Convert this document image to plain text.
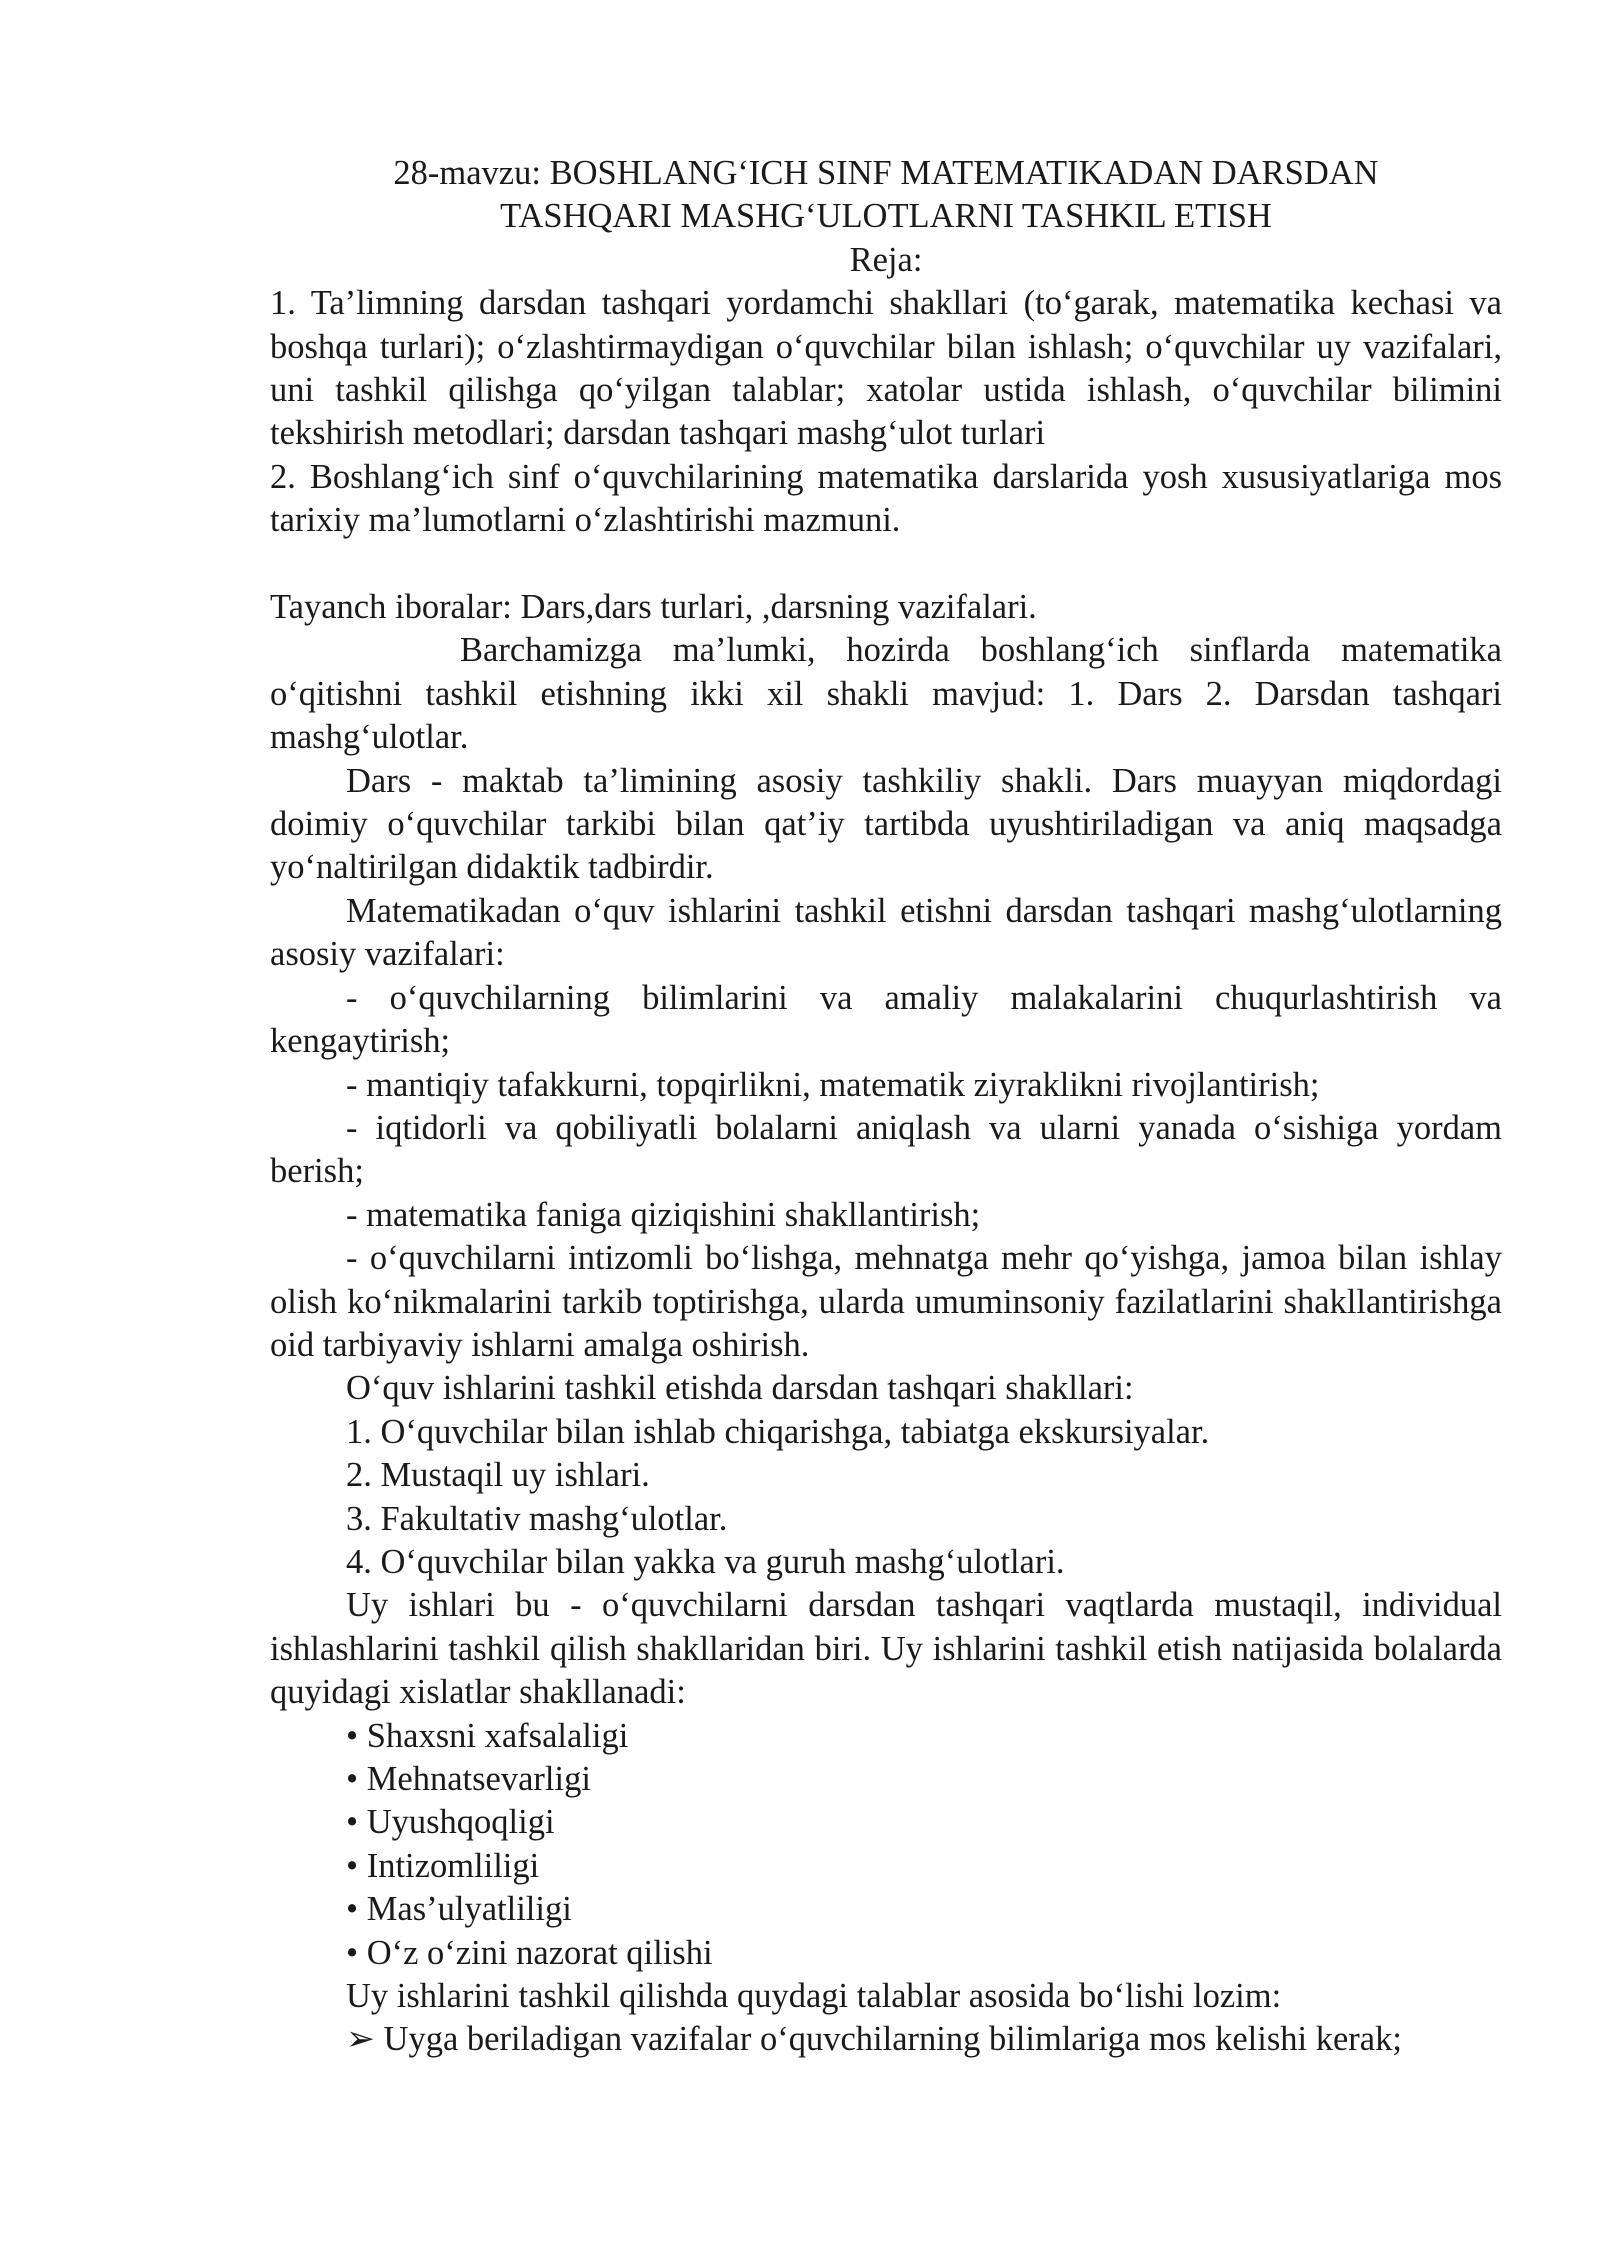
28-mavzu: BOSHLANG‘ICH SINF MATEMATIKADAN DARSDAN

TASHQARI MASHG‘ULOTLARNI TASHKIL ETISH

Reja:

1. Ta’limning darsdan tashqari yordamchi shakllari (to‘garak, matematika kechasi va boshqa turlari); o‘zlashtirmaydigan o‘quvchilar bilan ishlash; o‘quvchilar uy vazifalari, uni tashkil qilishga qo‘yilgan talablar; xatolar ustida ishlash, o‘quvchilar bilimini tekshirish metodlari; darsdan tashqari mashg‘ulot turlari

2. Boshlang‘ich sinf o‘quvchilarining matematika darslarida yosh xususiyatlariga mos tarixiy ma’lumotlarni o‘zlashtirishi mazmuni.

Tayanch iboralar: Dars,dars turlari, ,darsning vazifalari.

Barchamizga ma’lumki, hozirda boshlang‘ich sinflarda matematika o‘qitishni tashkil etishning ikki xil shakli mavjud: 1. Dars 2. Darsdan tashqari mashg‘ulotlar.

Dars - maktab ta’limining asosiy tashkiliy shakli. Dars muayyan miqdordagi doimiy o‘quvchilar tarkibi bilan qat’iy tartibda uyushtiriladigan va aniq maqsadga yo‘naltirilgan didaktik tadbirdir.

Matematikadan o‘quv ishlarini tashkil etishni darsdan tashqari mashg‘ulotlarning asosiy vazifalari:

- o‘quvchilarning bilimlarini va amaliy malakalarini chuqurlashtirish va kengaytirish;

- mantiqiy tafakkurni, topqirlikni, matematik ziyraklikni rivojlantirish;

- iqtidorli va qobiliyatli bolalarni aniqlash va ularni yanada o‘sishiga yordam berish;

- matematika faniga qiziqishini shakllantirish;

- o‘quvchilarni intizomli bo‘lishga, mehnatga mehr qo‘yishga, jamoa bilan ishlay olish ko‘nikmalarini tarkib toptirishga, ularda umuminsoniy fazilatlarini shakllantirishga oid tarbiyaviy ishlarni amalga oshirish.

O‘quv ishlarini tashkil etishda darsdan tashqari shakllari:

1. O‘quvchilar bilan ishlab chiqarishga, tabiatga ekskursiyalar.

2. Mustaqil uy ishlari.

3. Fakultativ mashg‘ulotlar.

4. O‘quvchilar bilan yakka va guruh mashg‘ulotlari.

Uy ishlari bu - o‘quvchilarni darsdan tashqari vaqtlarda mustaqil, individual ishlashlarini tashkil qilish shakllaridan biri. Uy ishlarini tashkil etish natijasida bolalarda quyidagi xislatlar shakllanadi:

• Shaxsni xafsalaligi

• Mehnatsevarligi

• Uyushqoqligi

• Intizomliligi

• Mas’ulyatliligi

• O‘z o‘zini nazorat qilishi

Uy ishlarini tashkil qilishda quydagi talablar asosida bo‘lishi lozim:

➢ Uyga beriladigan vazifalar o‘quvchilarning bilimlariga mos kelishi kerak;
